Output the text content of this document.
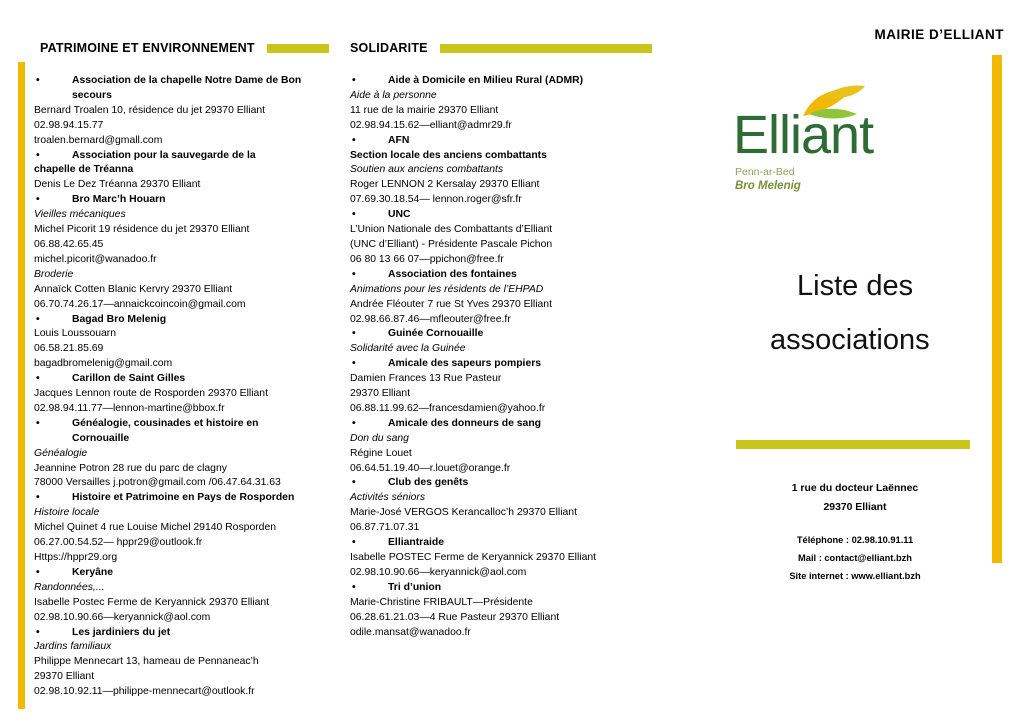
PATRIMOINE ET ENVIRONNEMENT
•	Association de la chapelle Notre Dame de Bon
secours
Bernard Troalen 10, résidence du jet 29370 Elliant
02.98.94.15.77
troalen.bernard@gmall.com
•	Association pour la sauvegarde de la
chapelle de Tréanna
Denis Le Dez Tréanna 29370 Elliant
•	Bro Marc’h Houarn
Vieilles mécaniques
Michel Picorit 19 résidence du jet 29370 Elliant
06.88.42.65.45
michel.picorit@wanadoo.fr
Broderie
Annaïck Cotten Blanic Kervry 29370 Elliant
06.70.74.26.17—annaickcoincoin@gmail.com
•	Bagad Bro Melenig
Louis Loussouarn
06.58.21.85.69
bagadbromelenig@gmail.com
•	Carillon de Saint Gilles
Jacques Lennon route de Rosporden 29370 Elliant
02.98.94.11.77—lennon-martine@bbox.fr
•	Généalogie, cousinades et histoire en
Cornouaille
Généalogie
Jeannine Potron 28 rue du parc de clagny
78000 Versailles j.potron@gmail.com /06.47.64.31.63
•	Histoire et Patrimoine en Pays de Rosporden
Histoire locale
Michel Quinet 4 rue Louise Michel 29140 Rosporden
06.27.00.54.52— hppr29@outlook.fr
Https://hppr29.org
•	Keryâne
Randonnées,...
Isabelle Postec Ferme de Keryannick 29370 Elliant
02.98.10.90.66—keryannick@aol.com
•	Les jardiniers du jet
Jardins familiaux
Philippe Mennecart 13, hameau de Pennaneac’h
29370 Elliant
02.98.10.92.11—philippe-mennecart@outlook.fr
SOLIDARITE
•	Aide à Domicile en Milieu Rural (ADMR)
Aide à la personne
11 rue de la mairie 29370 Elliant
02.98.94.15.62—elliant@admr29.fr
•	AFN
Section locale des anciens combattants
Soutien aux anciens combattants
Roger LENNON 2 Kersalay 29370 Elliant
07.69.30.18.54— lennon.roger@sfr.fr
•	UNC
L’Union Nationale des Combattants d’Elliant
(UNC d’Elliant) - Présidente Pascale Pichon
06 80 13 66 07—ppichon@free.fr
•	Association des fontaines
Animations pour les résidents de l’EHPAD
Andrée Fléouter 7 rue St Yves 29370 Elliant
02.98.66.87.46—mfleouter@free.fr
•	Guinée Cornouaille
Solidarité avec la Guinée
•	Amicale des sapeurs pompiers
Damien Frances 13 Rue Pasteur
29370 Elliant
06.88.11.99.62—francesdamien@yahoo.fr
•	Amicale des donneurs de sang
Don du sang
Régine Louet
06.64.51.19.40—r.louet@orange.fr
•	Club des genêts
Activités séniors
Marie-José VERGOS Kerancalloc’h 29370 Elliant
06.87.71.07.31
•	Elliantraide
Isabelle POSTEC Ferme de Keryannick 29370 Elliant
02.98.10.90.66—keryannick@aol.com
•	Tri d’union
Marie-Christine FRIBAULT—Présidente
06.28.61.21.03—4 Rue Pasteur 29370 Elliant
odile.mansat@wanadoo.fr
MAIRIE D’ELLIANT
Elliant
Penn-ar-Bed
Bro Melenig
Liste des
associations
1 rue du docteur Laënnec
29370 Elliant
Téléphone : 02.98.10.91.11
Mail : contact@elliant.bzh
Site internet : www.elliant.bzh
